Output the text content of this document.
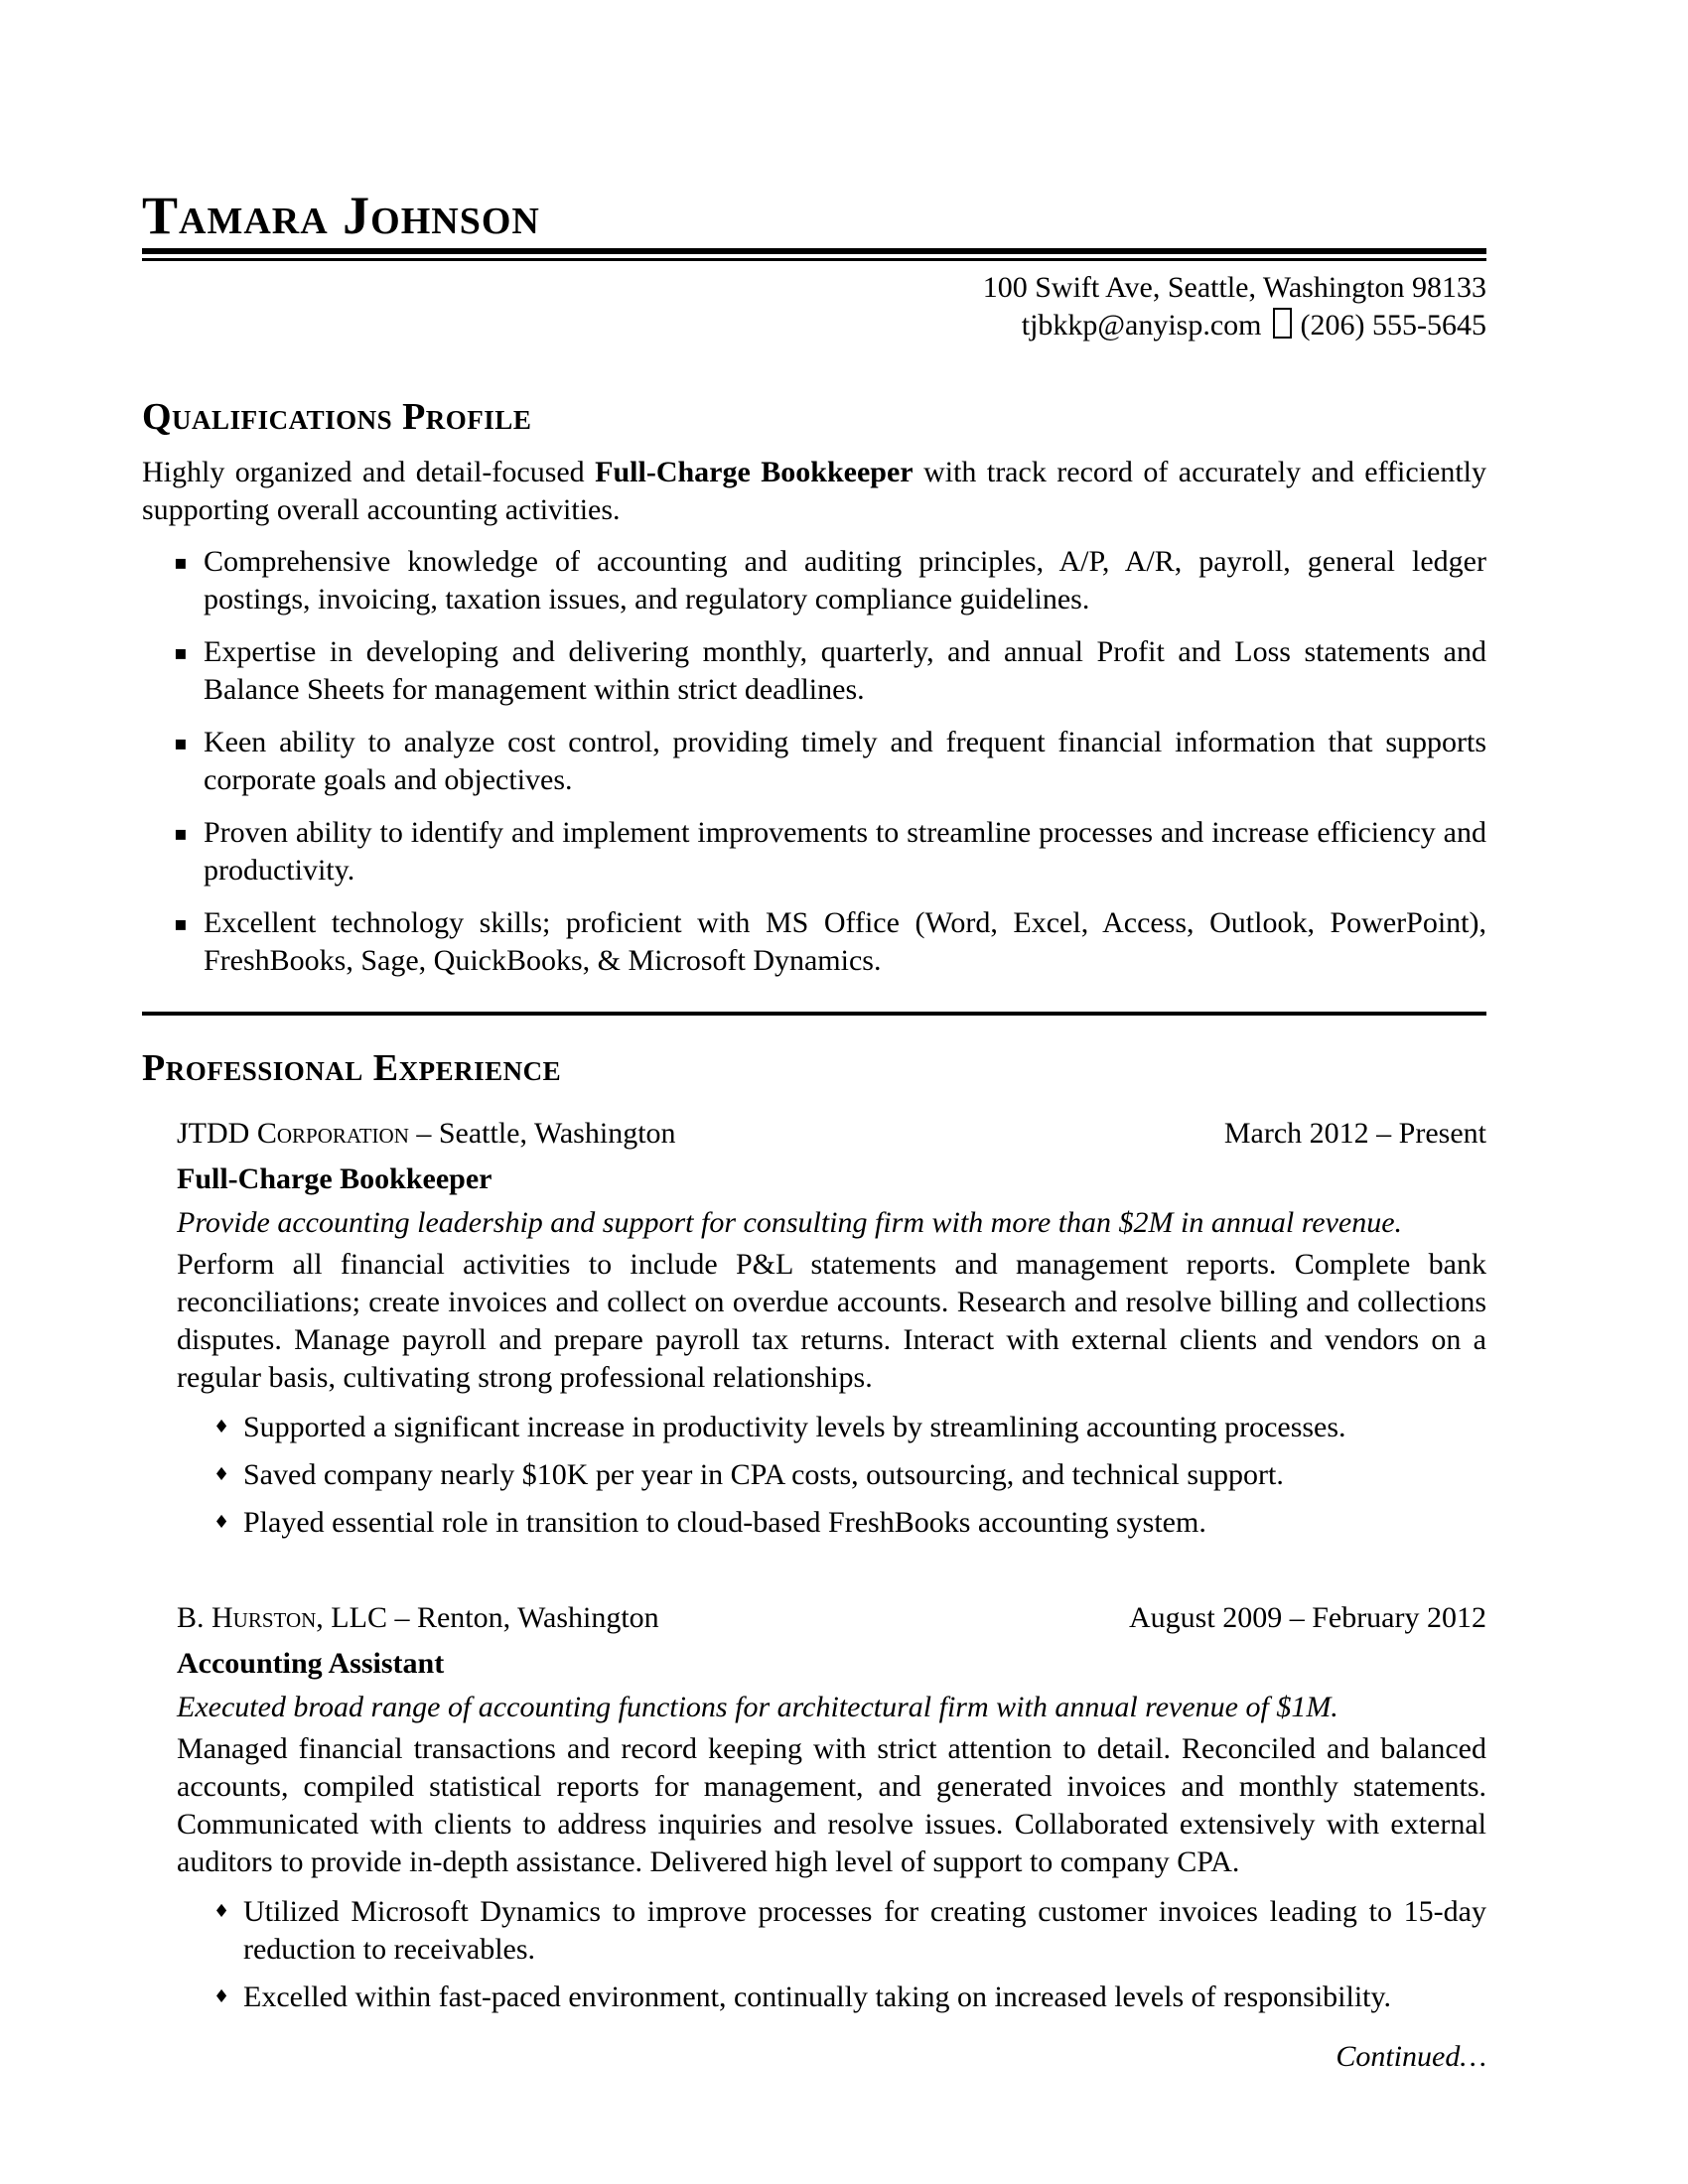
Tamara Johnson
100 Swift Ave, Seattle, Washington 98133
tjbkkp@anyisp.com (206) 555-5645
Qualifications Profile

Highly organized and detail-focused Full-Charge Bookkeeper with track record of accurately and efficiently supporting overall accounting activities.

▪ Comprehensive knowledge of accounting and auditing principles, A/P, A/R, payroll, general ledger postings, invoicing, taxation issues, and regulatory compliance guidelines.
▪ Expertise in developing and delivering monthly, quarterly, and annual Profit and Loss statements and Balance Sheets for management within strict deadlines.
▪ Keen ability to analyze cost control, providing timely and frequent financial information that supports corporate goals and objectives.
▪ Proven ability to identify and implement improvements to streamline processes and increase efficiency and productivity.
▪ Excellent technology skills; proficient with MS Office (Word, Excel, Access, Outlook, PowerPoint), FreshBooks, Sage, QuickBooks, & Microsoft Dynamics.
Professional Experience
JTDD Corporation – Seattle, Washington	March 2012 – Present
Full-Charge Bookkeeper
Provide accounting leadership and support for consulting firm with more than $2M in annual revenue.

Perform all financial activities to include P&L statements and management reports. Complete bank reconciliations; create invoices and collect on overdue accounts. Research and resolve billing and collections disputes. Manage payroll and prepare payroll tax returns. Interact with external clients and vendors on a regular basis, cultivating strong professional relationships.

♦ Supported a significant increase in productivity levels by streamlining accounting processes.
♦ Saved company nearly $10K per year in CPA costs, outsourcing, and technical support.
♦ Played essential role in transition to cloud-based FreshBooks accounting system.
B. Hurston, LLC – Renton, Washington	August 2009 – February 2012
Accounting Assistant
Executed broad range of accounting functions for architectural firm with annual revenue of $1M.

Managed financial transactions and record keeping with strict attention to detail. Reconciled and balanced accounts, compiled statistical reports for management, and generated invoices and monthly statements. Communicated with clients to address inquiries and resolve issues. Collaborated extensively with external auditors to provide in-depth assistance. Delivered high level of support to company CPA.

♦ Utilized Microsoft Dynamics to improve processes for creating customer invoices leading to 15-day reduction to receivables.
♦ Excelled within fast-paced environment, continually taking on increased levels of responsibility.
Continued…
